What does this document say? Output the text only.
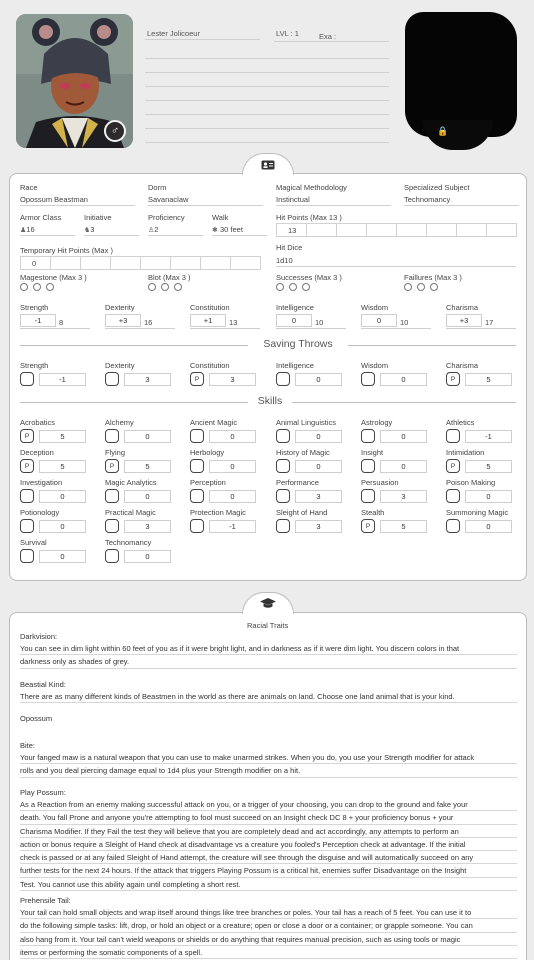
♂
Lester Jolicoeur	LVL : 1	Exa :
🔒
Race
Opossum Beastman
Dorm
Savanaclaw
Magical Methodology
Instinctual
Specialized Subject
Technomancy
Armor Class
♟16
Initiative
♞3
Proficiency
♙2
Walk
✱ 30 feet
Hit Points (Max 13 )
13
Temporary Hit Points (Max )
0
Hit Dice
1d10
Magestone (Max 3 )	Blot (Max 3 )	Successes (Max 3 )	Faillures (Max 3 )
Strength
-1	8
Dexterity
+3	16
Constitution
+1	13
Intelligence
0	10
Wisdom
0	10
Charisma
+3	17
Saving Throws
Strength
-1
Dexterity
3
Constitution
P	3
Intelligence
0
Wisdom
0
Charisma
P	5
Skills
Acrobatics
P	5
Alchemy
0
Ancient Magic
0
Animal Linguistics
0
Astrology
0
Athletics
-1
Deception
P	5
Flying
P	5
Herbology
0
History of Magic
0
Insight
0
Intimidation
P	5
Investigation
0
Magic Analytics
0
Perception
0
Performance
3
Persuasion
3
Poison Making
0
Potionology
0
Practical Magic
3
Protection Magic
-1
Sleight of Hand
3
Stealth
P	5
Summoning Magic
0
Survival
0
Technomancy
0
Racial Traits
Darkvision:
You can see in dim light within 60 feet of you as if it were bright light, and in darkness as if it were dim light. You discern colors in that
darkness only as shades of grey.
Beastial Kind:
There are as many different kinds of Beastmen in the world as there are animals on land. Choose one land animal that is your kind.
Opossum
Bite:
Your fanged maw is a natural weapon that you can use to make unarmed strikes. When you do, you use your Strength modifier for attack
rolls and you deal piercing damage equal to 1d4 plus your Strength modifier on a hit.
Play Possum:
As a Reaction from an enemy making successful attack on you, or a trigger of your choosing, you can drop to the ground and fake your
death. You fall Prone and anyone you're attempting to fool must succeed on an Insight check DC 8 + your proficiency bonus + your
Charisma Modifier. If they Fail the test they will believe that you are completely dead and act accordingly, any attempts to perform an
action or bonus require a Sleight of Hand check at disadvantage vs a creature you fooled's Perception check at advantage. If the initial
check is passed or at any failed Sleight of Hand attempt, the creature will see through the disguise and will automatically succeed on any
further tests for the next 24 hours. If the attack that triggers Playing Possum is a critical hit, enemies suffer Disadvantage on the Insight
Test. You cannot use this ability again until completing a short rest.
Prehensile Tail:
Your tail can hold small objects and wrap itself around things like tree branches or poles. Your tail has a reach of 5 feet. You can use it to
do the following simple tasks: lift, drop, or hold an object or a creature; open or close a door or a container; or grapple someone. You can
also hang from it. Your tail can't wield weapons or shields or do anything that requires manual precision, such as using tools or magic
items or performing the somatic components of a spell.
